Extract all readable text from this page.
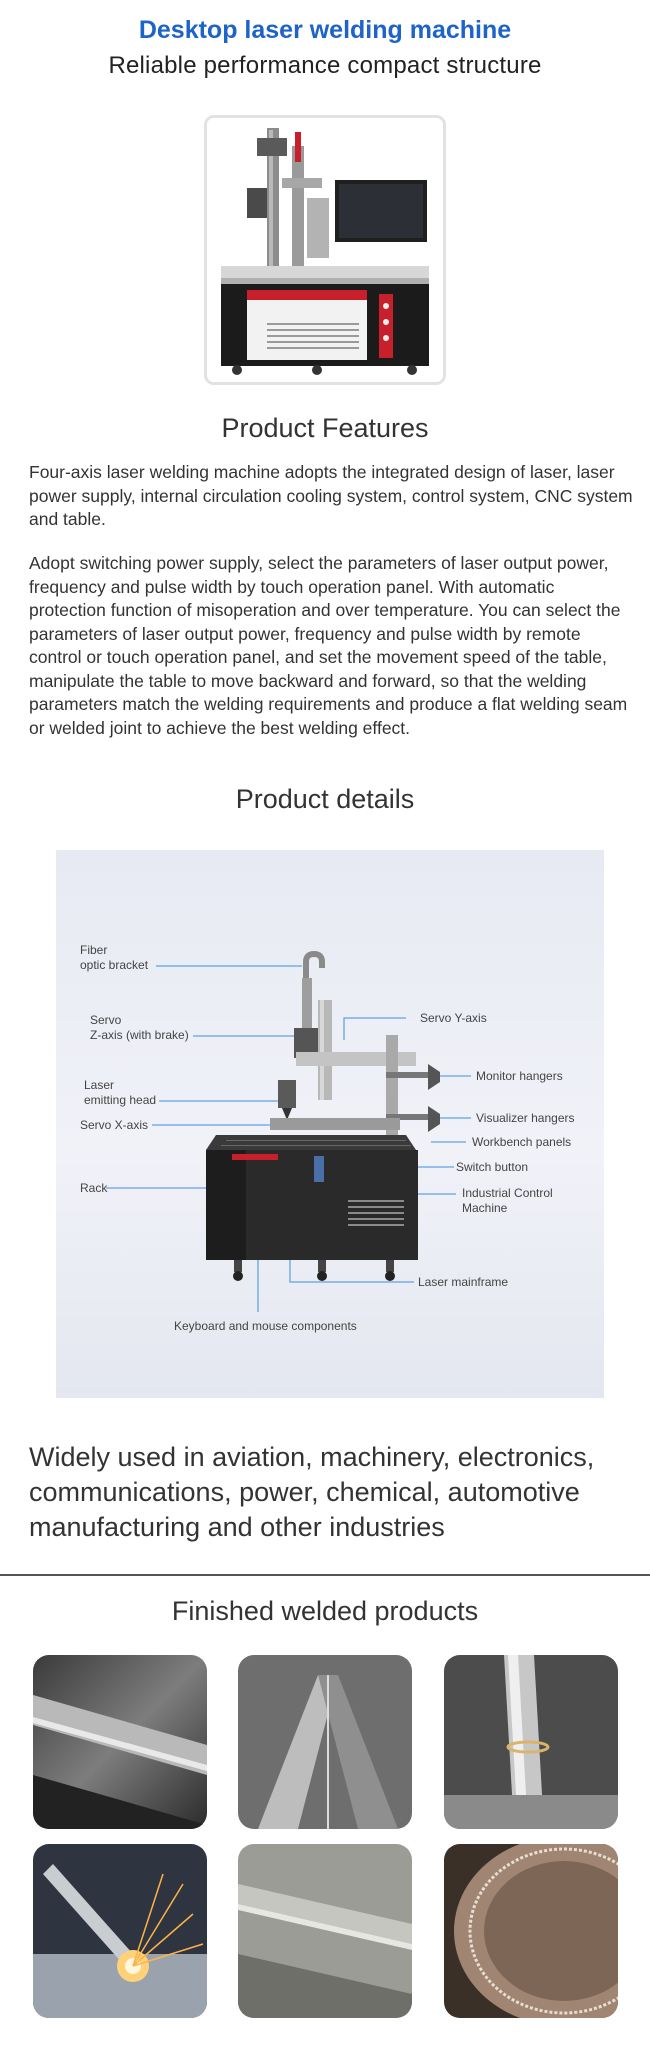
Desktop laser welding machine
Reliable performance compact structure
Product Features
Four-axis laser welding machine adopts the integrated design of laser, laser power supply, internal circulation cooling system, control system, CNC system and table.
Adopt switching power supply, select the parameters of laser output power, frequency and pulse width by touch operation panel. With automatic protection function of misoperation and over temperature. You can select the parameters of laser output power, frequency and pulse width by remote control or touch operation panel, and set the movement speed of the table, manipulate the table to move backward and forward, so that the welding parameters match the welding requirements and produce a flat welding seam or welded joint to achieve the best welding effect.
Product details
Fiber
optic bracket
Servo
Z-axis (with brake)
Laser
emitting head
Servo X-axis
Rack
Servo Y-axis
Monitor hangers
Visualizer hangers
Workbench panels
Switch button
Industrial Control
Machine
Laser mainframe
Keyboard and mouse components
Widely used in aviation, machinery, electronics, communications, power, chemical, automotive manufacturing and other industries
Finished welded products
